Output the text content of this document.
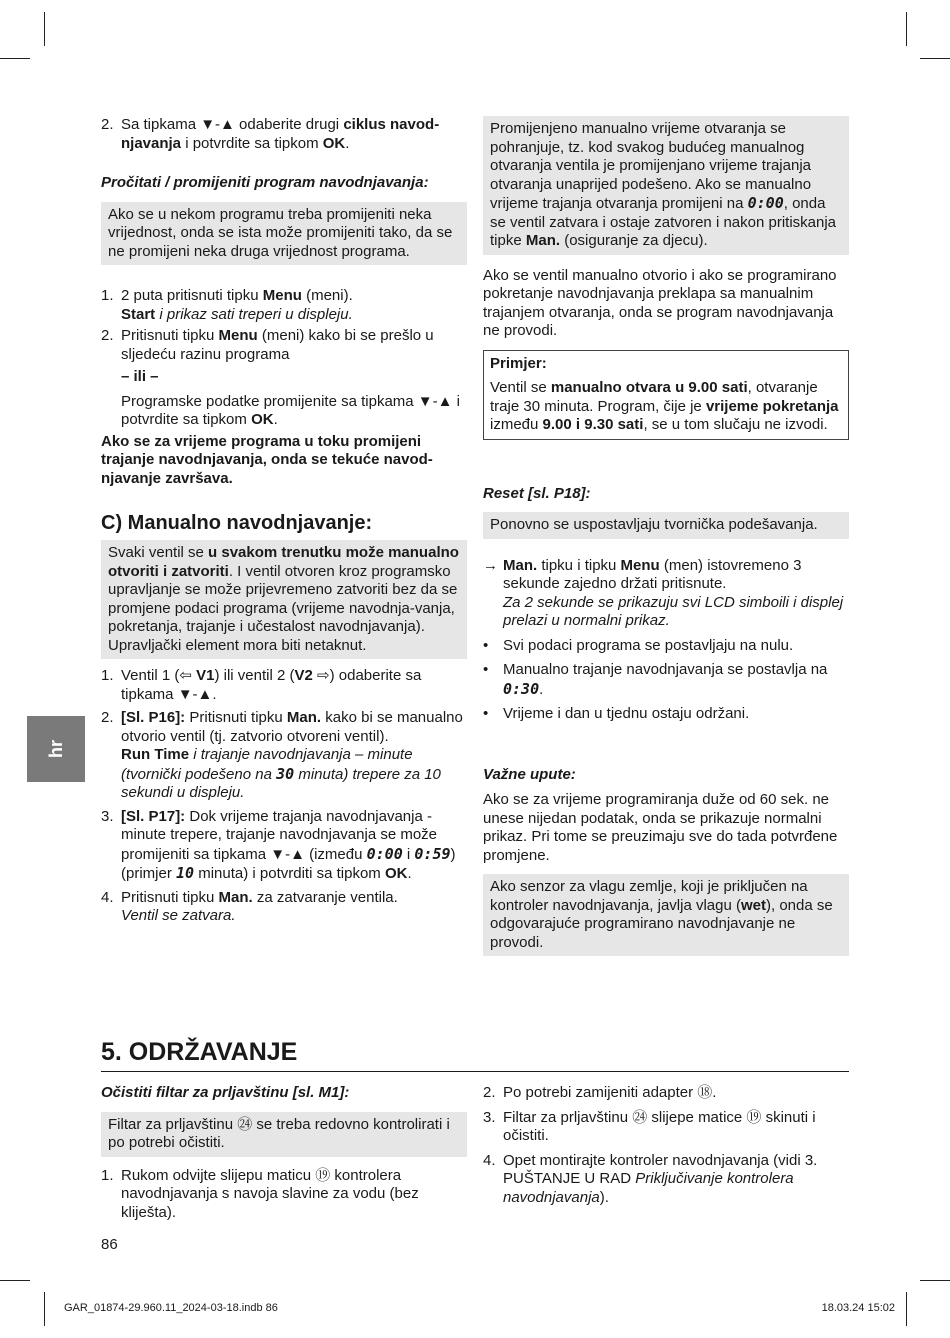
hr
2. Sa tipkama ▼-▲ odaberite drugi ciklus navodnjavanja i potvrdite sa tipkom OK.

Pročitati / promijeniti program navodnjavanja:

Ako se u nekom programu treba promijeniti neka vrijednost, onda se ista može promijeniti tako, da se ne promijeni neka druga vrijednost programa.
1. 2 puta pritisnuti tipku Menu (meni).
Start i prikaz sati treperi u displeju.
2. Pritisnuti tipku Menu (meni) kako bi se prešlo u sljedeću razinu programa

– ili –

Programske podatke promijenite sa tipkama ▼-▲ i potvrdite sa tipkom OK.

Ako se za vrijeme programa u toku promijeni trajanje navodnjavanja, onda se tekuće navodnjavanje završava.

C) Manualno navodnjavanje:

Svaki ventil se u svakom trenutku može manualno otvoriti i zatvoriti. I ventil otvoren kroz programsko upravljanje se može prijevremeno zatvoriti bez da se promjene podaci programa (vrijeme navodnja-vanja, pokretanja, trajanje i učestalost navodnjavanja). Upravljački element mora biti netaknut.
1. Ventil 1 (⇦ V1) ili ventil 2 (V2 ⇨) odaberite sa tipkama ▼-▲.
2. [Sl. P16]: Pritisnuti tipku Man. kako bi se manualno otvorio ventil (tj. zatvorio otvoreni ventil).
Run Time i trajanje navodnjavanja – minute (tvornički podešeno na 30 minuta) trepere za 10 sekundi u displeju.
3. [Sl. P17]: Dok vrijeme trajanja navodnjavanja - minute trepere, trajanje navodnjavanja se može promijeniti sa tipkama ▼-▲ (između 0:00 i 0:59) (primjer 10 minuta) i potvrditi sa tipkom OK.
4. Pritisnuti tipku Man. za zatvaranje ventila.
Ventil se zatvara.
Promijenjeno manualno vrijeme otvaranja se pohranjuje, tz. kod svakog budućeg manualnog otvaranja ventila je promijenjano vrijeme trajanja otvaranja unaprijed podešeno. Ako se manualno vrijeme trajanja otvaranja promijeni na 0:00, onda se ventil zatvara i ostaje zatvoren i nakon pritiskanja tipke Man. (osiguranje za djecu).

Ako se ventil manualno otvorio i ako se programirano pokretanje navodnjavanja preklapa sa manualnim trajanjem otvaranja, onda se program navodnjavanja ne provodi.

Primjer:

Ventil se manualno otvara u 9.00 sati, otvaranje traje 30 minuta. Program, čije je vrijeme pokretanja između 9.00 i 9.30 sati, se u tom slučaju ne izvodi.

Reset [sl. P18]:

Ponovno se uspostavljaju tvornička podešavanja.
→ Man. tipku i tipku Menu (men) istovremeno 3 sekunde zajedno držati pritisnute.
Za 2 sekunde se prikazuju svi LCD simboili i displej prelazi u normalni prikaz.
• Svi podaci programa se postavljaju na nulu.
• Manualno trajanje navodnjavanja se postavlja na 0:30.
• Vrijeme i dan u tjednu ostaju održani.

Važne upute:

Ako se za vrijeme programiranja duže od 60 sek. ne unese nijedan podatak, onda se prikazuje normalni prikaz. Pri tome se preuzimaju sve do tada potvrđene promjene.

Ako senzor za vlagu zemlje, koji je priključen na kontroler navodnjavanja, javlja vlagu (wet), onda se odgovarajuće programirano navodnjavanje ne provodi.

5. ODRŽAVANJE

Očistiti filtar za prljavštinu [sl. M1]:

Filtar za prljavštinu ㉔ se treba redovno kontrolirati i po potrebi očistiti.
1. Rukom odvijte slijepu maticu ⑲ kontrolera navodnjavanja s navoja slavine za vodu (bez kliješta).
2. Po potrebi zamijeniti adapter ⑱.
3. Filtar za prljavštinu ㉔ slijepe matice ⑲ skinuti i očistiti.
4. Opet montirajte kontroler navodnjavanja (vidi 3. PUŠTANJE U RAD Priključivanje kontrolera navodnjavanja).

86

GAR_01874-29.960.11_2024-03-18.indb 86	18.03.24 15:02
